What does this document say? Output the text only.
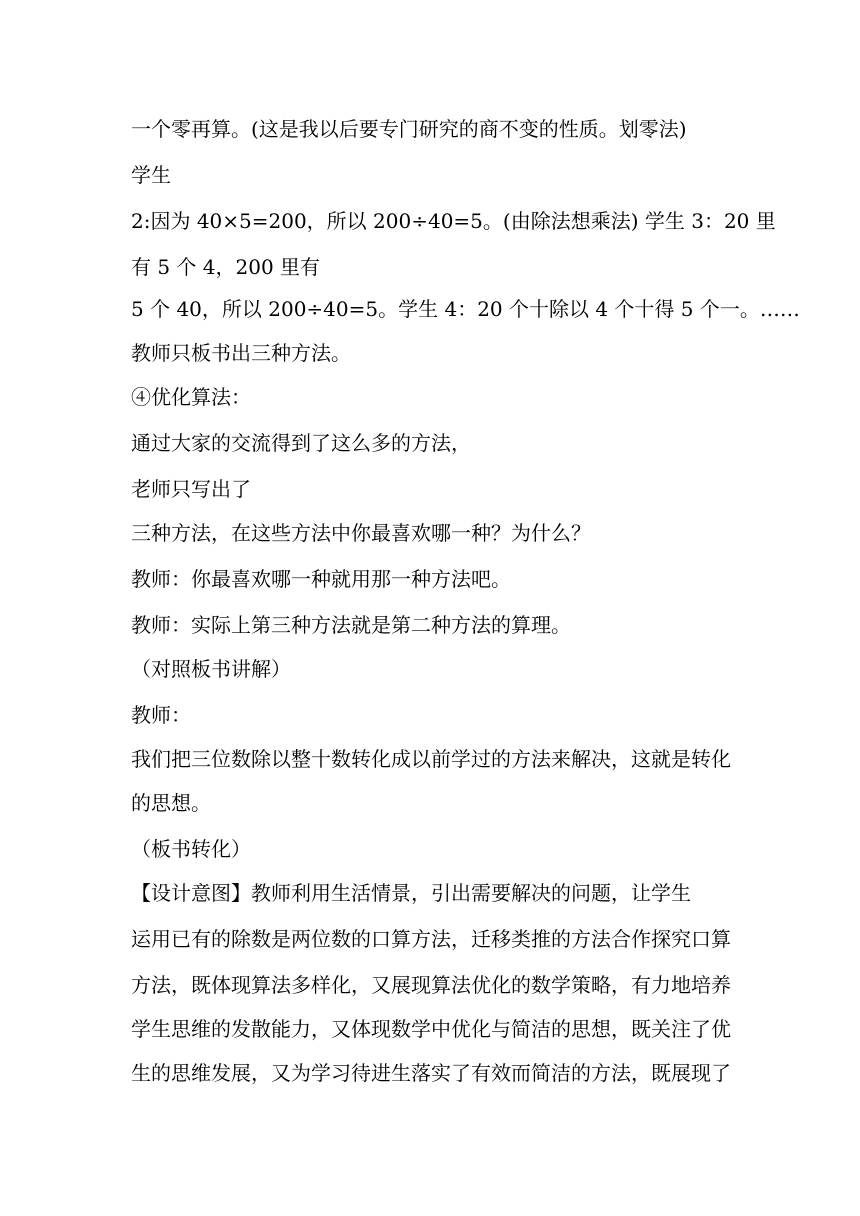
一个零再算。(这是我以后要专门研究的商不变的性质。划零法)
学生
2:因为 40×5=200，所以 200÷40=5。(由除法想乘法) 学生 3：20 里
有 5 个 4，200 里有
5 个 40，所以 200÷40=5。学生 4：20 个十除以 4 个十得 5 个一。……
教师只板书出三种方法。
④优化算法：
通过大家的交流得到了这么多的方法，
老师只写出了
三种方法，在这些方法中你最喜欢哪一种？为什么？
教师：你最喜欢哪一种就用那一种方法吧。
教师：实际上第三种方法就是第二种方法的算理。
（对照板书讲解）
教师：
我们把三位数除以整十数转化成以前学过的方法来解决，这就是转化
的思想。
（板书转化）
【设计意图】教师利用生活情景，引出需要解决的问题，让学生
运用已有的除数是两位数的口算方法，迁移类推的方法合作探究口算
方法，既体现算法多样化，又展现算法优化的数学策略，有力地培养
学生思维的发散能力，又体现数学中优化与简洁的思想，既关注了优
生的思维发展，又为学习待进生落实了有效而简洁的方法，既展现了
